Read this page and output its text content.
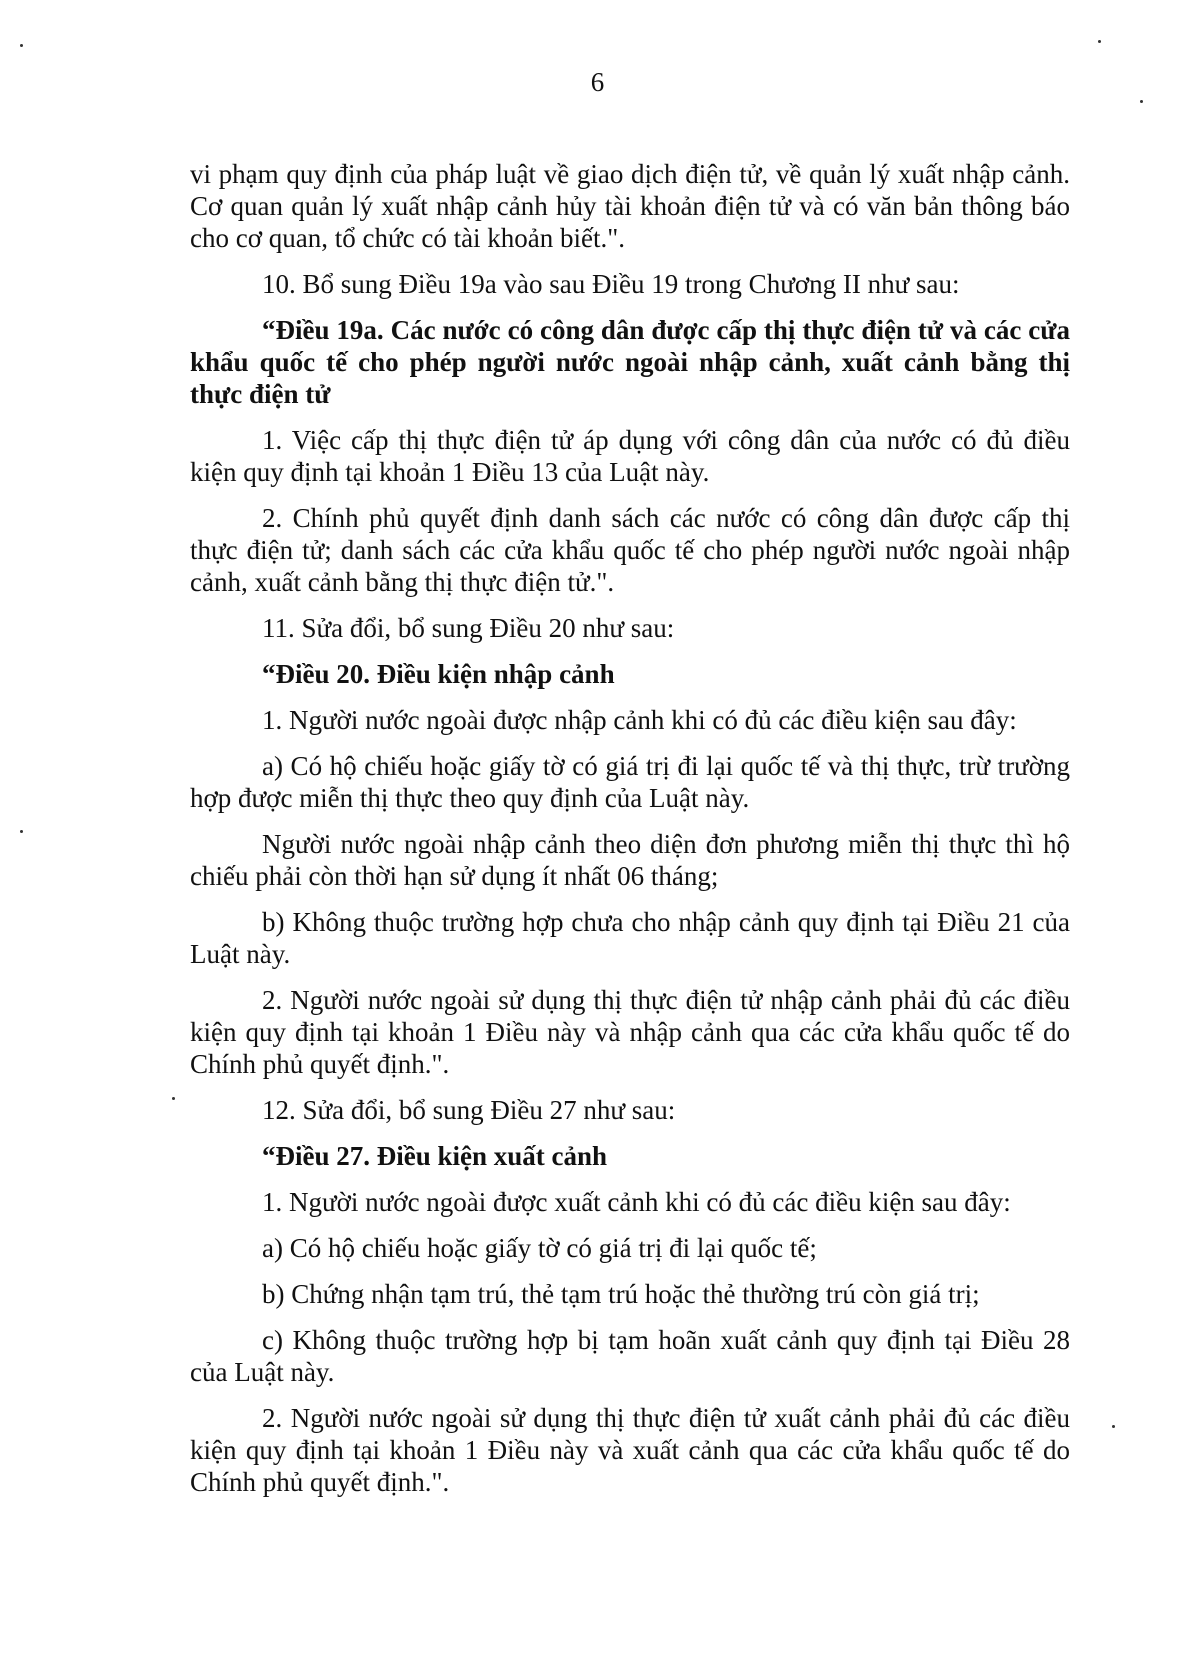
6

vi phạm quy định của pháp luật về giao dịch điện tử, về quản lý xuất nhập cảnh. Cơ quan quản lý xuất nhập cảnh hủy tài khoản điện tử và có văn bản thông báo cho cơ quan, tổ chức có tài khoản biết.".

10. Bổ sung Điều 19a vào sau Điều 19 trong Chương II như sau:

“Điều 19a. Các nước có công dân được cấp thị thực điện tử và các cửa khẩu quốc tế cho phép người nước ngoài nhập cảnh, xuất cảnh bằng thị thực điện tử

1. Việc cấp thị thực điện tử áp dụng với công dân của nước có đủ điều kiện quy định tại khoản 1 Điều 13 của Luật này.

2. Chính phủ quyết định danh sách các nước có công dân được cấp thị thực điện tử; danh sách các cửa khẩu quốc tế cho phép người nước ngoài nhập cảnh, xuất cảnh bằng thị thực điện tử.".

11. Sửa đổi, bổ sung Điều 20 như sau:

“Điều 20. Điều kiện nhập cảnh

1. Người nước ngoài được nhập cảnh khi có đủ các điều kiện sau đây:

a) Có hộ chiếu hoặc giấy tờ có giá trị đi lại quốc tế và thị thực, trừ trường hợp được miễn thị thực theo quy định của Luật này.

Người nước ngoài nhập cảnh theo diện đơn phương miễn thị thực thì hộ chiếu phải còn thời hạn sử dụng ít nhất 06 tháng;

b) Không thuộc trường hợp chưa cho nhập cảnh quy định tại Điều 21 của Luật này.

2. Người nước ngoài sử dụng thị thực điện tử nhập cảnh phải đủ các điều kiện quy định tại khoản 1 Điều này và nhập cảnh qua các cửa khẩu quốc tế do Chính phủ quyết định.".

12. Sửa đổi, bổ sung Điều 27 như sau:

“Điều 27. Điều kiện xuất cảnh

1. Người nước ngoài được xuất cảnh khi có đủ các điều kiện sau đây:

a) Có hộ chiếu hoặc giấy tờ có giá trị đi lại quốc tế;

b) Chứng nhận tạm trú, thẻ tạm trú hoặc thẻ thường trú còn giá trị;

c) Không thuộc trường hợp bị tạm hoãn xuất cảnh quy định tại Điều 28 của Luật này.

2. Người nước ngoài sử dụng thị thực điện tử xuất cảnh phải đủ các điều kiện quy định tại khoản 1 Điều này và xuất cảnh qua các cửa khẩu quốc tế do Chính phủ quyết định.".
